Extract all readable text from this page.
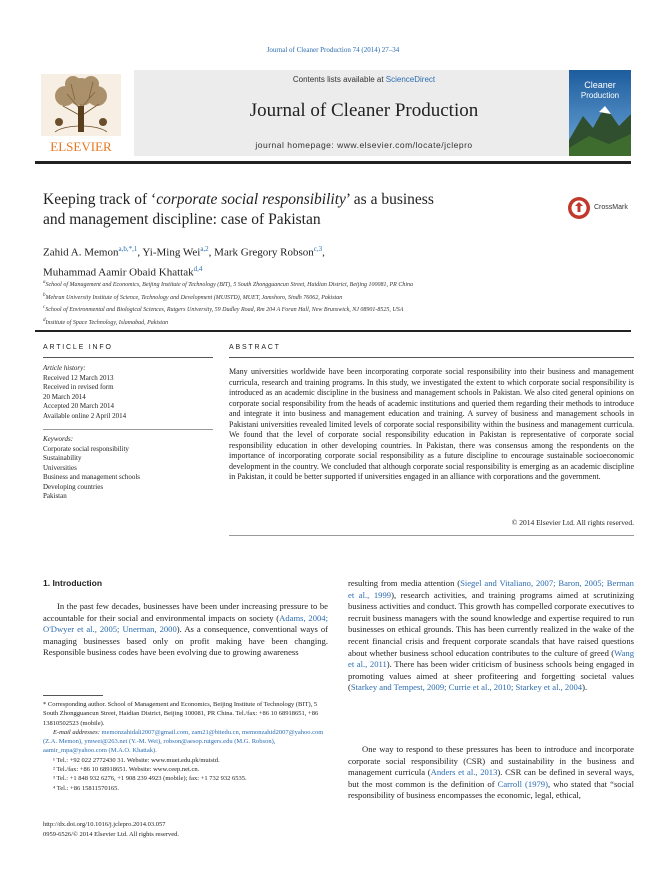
Journal of Cleaner Production 74 (2014) 27–34
ELSEVIER
Contents lists available at ScienceDirect
Journal of Cleaner Production
journal homepage: www.elsevier.com/locate/jclepro
Cleaner
Production
Keeping track of ‘corporate social responsibility’ as a business
and management discipline: case of Pakistan
CrossMark
Zahid A. Memon$^{a,b,*,1}$, Yi-Ming Wei$^{a,2}$, Mark Gregory Robson$^{c,3}$,
Muhammad Aamir Obaid Khattak$^{d,4}$
$^a$School of Management and Economics, Beijing Institute of Technology (BIT), 5 South Zhongguancun Street, Haidian District, Beijing 100081, PR China
$^b$Mehran University Institute of Science, Technology and Development (MUISTD), MUET, Jamshoro, Sindh 76062, Pakistan
$^c$School of Environmental and Biological Sciences, Rutgers University, 59 Dudley Road, Rm 204 A Foran Hall, New Brunswick, NJ 08901-8525, USA
$^d$Institute of Space Technology, Islamabad, Pakistan
ARTICLE INFO
Article history:
Received 12 March 2013
Received in revised form
20 March 2014
Accepted 20 March 2014
Available online 2 April 2014
Keywords:
Corporate social responsibility
Sustainability
Universities
Business and management schools
Developing countries
Pakistan
ABSTRACT
Many universities worldwide have been incorporating corporate social responsibility into their business and management curricula, research and training programs. In this study, we investigated the extent to which corporate social responsibility is introduced as an academic discipline in the business and management schools in Pakistan. We also cited general opinions on corporate social responsibility from the heads of academic institutions and queried them regarding their methods to introduce and integrate it into business and management education and training. A survey of business and management schools in Pakistani universities revealed limited levels of corporate social responsibility within the business and management curricula. We found that the level of corporate social responsibility education in Pakistan is representative of corporate social responsibility education in other developing countries. In Pakistan, there was consensus among the respondents on the importance of incorporating corporate social responsibility as a future discipline to encourage sustainable socioeconomic development in the country. We concluded that although corporate social responsibility is emerging as an academic discipline in Pakistan, it could be better supported if universities engaged in an alliance with corporations and the government.
© 2014 Elsevier Ltd. All rights reserved.
1. Introduction
In the past few decades, businesses have been under increasing pressure to be accountable for their social and environmental impacts on society (Adams, 2004; O'Dwyer et al., 2005; Unerman, 2000). As a consequence, conventional ways of managing businesses based only on profit making have been changing. Responsible business codes have been evolving due to growing awareness
* Corresponding author. School of Management and Economics, Beijing Institute of Technology (BIT), 5 South Zhongguancun Street, Haidian District, Beijing 100081, PR China. Tel./fax: +86 10 68918651, +86 13810502523 (mobile).
E-mail addresses: memonzahidali2007@gmail.com, zam21@bitedu.cn, memonzahid2007@yahoo.com (Z.A. Memon), ymwei@263.net (Y.-M. Wei), robson@aesop.rutgers.edu (M.G. Robson), aamir_mpa@yahoo.com (M.A.O. Khattak).
¹ Tel.: +92 022 2772430 31. Website: www.muet.edu.pk/muistd.
² Tel./fax: +86 10 68918651. Website: www.ceep.net.cn.
³ Tel.: +1 848 932 6276, +1 908 239 4923 (mobile); fax: +1 732 932 6535.
⁴ Tel.: +86 15811570165.
resulting from media attention (Siegel and Vitaliano, 2007; Baron, 2005; Berman et al., 1999), research activities, and training programs aimed at scrutinizing business activities and conduct. This growth has compelled corporate executives to recruit business managers with the sound knowledge and expertise required to run businesses on ethical grounds. This has been currently realized in the wake of the recent financial crisis and frequent corporate scandals that have raised questions about whether business school education contributes to the culture of greed (Wang et al., 2011). There has been wider criticism of business schools being engaged in promoting values aimed at sheer profiteering and forgetting societal values (Starkey and Tempest, 2009; Currie et al., 2010; Starkey et al., 2004).
One way to respond to these pressures has been to introduce and incorporate corporate social responsibility (CSR) and sustainability in the business and management curricula (Anders et al., 2013). CSR can be defined in several ways, but the most common is the definition of Carroll (1979), who stated that “social responsibility of business encompasses the economic, legal, ethical,
http://dx.doi.org/10.1016/j.jclepro.2014.03.057
0959-6526/© 2014 Elsevier Ltd. All rights reserved.
